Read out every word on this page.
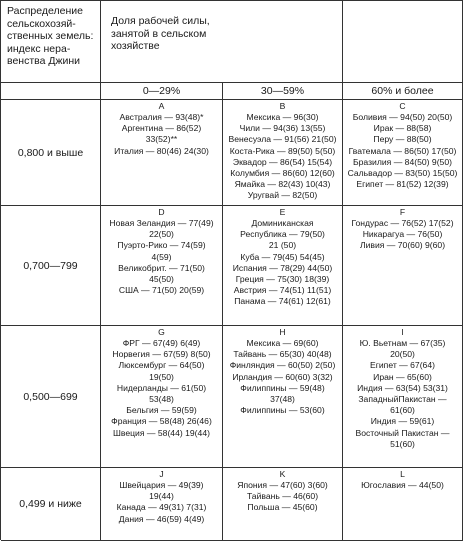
Распределение
сельскохозяй-
ственных земель:
индекс нера-
венства Джини
Доля рабочей силы,
занятой в сельском
хозяйстве
0—29%	30—59%	60% и более
0,800 и выше
A
Австралия — 93(48)*
Аргентина — 86(52)
33(52)**
Италия — 80(46) 24(30)
B
Мексика — 96(30)
Чили — 94(36) 13(55)
Венесуэла — 91(56) 21(50)
Коста-Рика — 89(50) 5(50)
Эквадор — 86(54) 15(54)
Колумбия — 86(60) 12(60)
Ямайка — 82(43) 10(43)
Уругвай — 82(50)
C
Боливия — 94(50) 20(50)
Ирак — 88(58)
Перу — 88(50)
Гватемала — 86(50) 17(50)
Бразилия — 84(50) 9(50)
Сальвадор — 83(50) 15(50)
Египет — 81(52) 12(39)
0,700—799
D
Новая Зеландия — 77(49)
22(50)
Пуэрто-Рико — 74(59)
4(59)
Великобрит. — 71(50)
45(50)
США — 71(50) 20(59)
E
Доминиканская
Республика — 79(50)
21 (50)
Куба — 79(45) 54(45)
Испания — 78(29) 44(50)
Греция — 75(30) 18(39)
Австрия — 74(51) 11(51)
Панама — 74(61) 12(61)
F
Гондурас — 76(52) 17(52)
Никарагуа — 76(50)
Ливия — 70(60) 9(60)
0,500—699
G
ФРГ — 67(49) 6(49)
Норвегия — 67(59) 8(50)
Люксембург — 64(50)
19(50)
Нидерланды — 61(50)
53(48)
Бельгия — 59(59)
Франция — 58(48) 26(46)
Швеция — 58(44) 19(44)
H
Мексика — 69(60)
Тайвань — 65(30) 40(48)
Финляндия — 60(50) 2(50)
Ирландия — 60(60) 3(32)
Филиппины — 59(48)
37(48)
Филиппины — 53(60)
I
Ю. Вьетнам — 67(35)
20(50)
Египет — 67(64)
Иран — 65(60)
Индия — 63(54) 53(31)
ЗападныйПакистан —
61(60)
Индия — 59(61)
Восточный Пакистан —
51(60)
0,499 и ниже
J
Швейцария — 49(39)
19(44)
Канада — 49(31) 7(31)
Дания — 46(59) 4(49)
K
Япония — 47(60) 3(60)
Тайвань — 46(60)
Польша — 45(60)
L
Югославия — 44(50)
